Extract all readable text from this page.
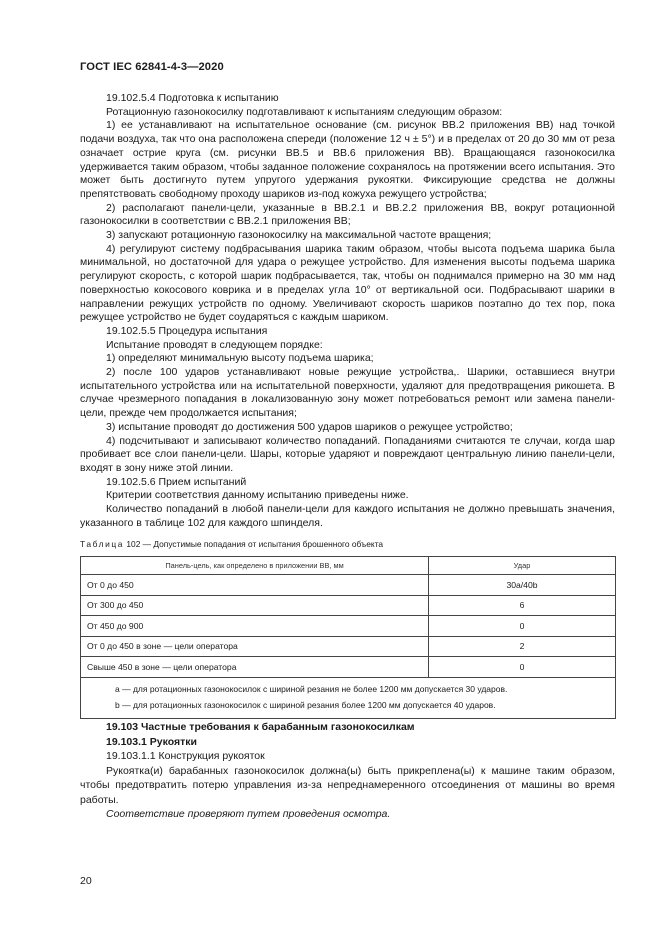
ГОСТ IEC 62841-4-3—2020

19.102.5.4 Подготовка к испытанию

Ротационную газонокосилку подготавливают к испытаниям следующим образом:

1) ее устанавливают на испытательное основание (см. рисунок ВВ.2 приложения ВВ) над точкой подачи воздуха, так что она расположена спереди (положение 12 ч ± 5°) и в пределах от 20 до 30 мм от реза означает острие круга (см. рисунки ВВ.5 и ВВ.6 приложения ВВ). Вращающаяся газонокосилка удерживается таким образом, чтобы заданное положение сохранялось на протяжении всего испытания. Это может быть достигнуто путем упругого удержания рукоятки. Фиксирующие средства не должны препятствовать свободному проходу шариков из-под кожуха режущего устройства;

2) располагают панели-цели, указанные в ВВ.2.1 и ВВ.2.2 приложения ВВ, вокруг ротационной газонокосилки в соответствии с ВВ.2.1 приложения ВВ;

3) запускают ротационную газонокосилку на максимальной частоте вращения;

4) регулируют систему подбрасывания шарика таким образом, чтобы высота подъема шарика была минимальной, но достаточной для удара о режущее устройство. Для изменения высоты подъема шарика регулируют скорость, с которой шарик подбрасывается, так, чтобы он поднимался примерно на 30 мм над поверхностью кокосового коврика и в пределах угла 10° от вертикальной оси. Подбрасывают шарики в направлении режущих устройств по одному. Увеличивают скорость шариков поэтапно до тех пор, пока режущее устройство не будет соударяться с каждым шариком.

19.102.5.5 Процедура испытания

Испытание проводят в следующем порядке:

1) определяют минимальную высоту подъема шарика;

2) после 100 ударов устанавливают новые режущие устройства,. Шарики, оставшиеся внутри испытательного устройства или на испытательной поверхности, удаляют для предотвращения рикошета. В случае чрезмерного попадания в локализованную зону может потребоваться ремонт или замена панели-цели, прежде чем продолжается испытания;

3) испытание проводят до достижения 500 ударов шариков о режущее устройство;

4) подсчитывают и записывают количество попаданий. Попаданиями считаются те случаи, когда шар пробивает все слои панели-цели. Шары, которые ударяют и повреждают центральную линию панели-цели, входят в зону ниже этой линии.

19.102.5.6 Прием испытаний

Критерии соответствия данному испытанию приведены ниже.

Количество попаданий в любой панели-цели для каждого испытания не должно превышать значения, указанного в таблице 102 для каждого шпинделя.

Таблица 102 — Допустимые попадания от испытания брошенного объекта
Панель-цель, как определено в приложении ВВ, мм	Удар
От 0 до 450	30a/40b
От 300 до 450	6
От 450 до 900	0
От 0 до 450 в зоне — цели оператора	2
Свыше 450 в зоне — цели оператора	0

a — для ротационных газонокосилок с шириной резания не более 1200 мм допускается 30 ударов.
b — для ротационных газонокосилок с шириной резания более 1200 мм допускается 40 ударов.	

19.103 Частные требования к барабанным газонокосилкам

19.103.1 Рукоятки

19.103.1.1 Конструкция рукояток

Рукоятка(и) барабанных газонокосилок должна(ы) быть прикреплена(ы) к машине таким образом, чтобы предотвратить потерю управления из-за непреднамеренного отсоединения от машины во время работы.

Соответствие проверяют путем проведения осмотра.

20
